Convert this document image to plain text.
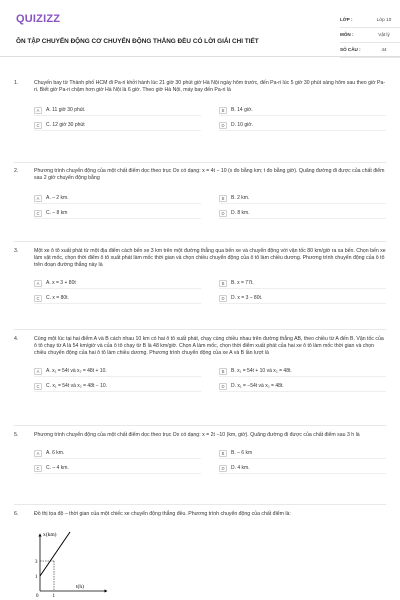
QUIZIZZ
ÔN TẬP CHUYỂN ĐỘNG CƠ CHUYỂN ĐỘNG THẲNG ĐỀU CÓ LỜI GIẢI CHI TIẾT
LỚP :	Lớp 10
MÔN :	Vật lý
SỐ CÂU :	44
1.	Chuyến bay từ Thành phố HCM đi Pa-ri khởi hành lúc 21 giờ 30 phút giờ Hà Nội ngày hôm trước, đến Pa-ri lúc 5 giờ 30 phút sáng hôm sau theo giờ Pa-ri. Biết giờ Pa-ri chậm hơn giờ Hà Nội là 6 giờ. Theo giờ Hà Nội, máy bay đến Pa-ri là
A	A. 11 giờ 30 phút.	B	B. 14 giờ.
C	C. 12 giờ 30 phút	D	D. 10 giờ.
2.	Phương trình chuyển động của một chất điểm dọc theo trục Ox có dạng: x = 4t − 10 (x đo bằng km; t đo bằng giờ). Quãng đường đi được của chất điểm sau 2 giờ chuyển động bằng
A	A. – 2 km.	B	B. 2 km.
C	C. – 8 km	D	D. 8 km.
3.	Một xe ô tô xuất phát từ một địa điểm cách bến xe 3 km trên một đường thẳng qua bến xe và chuyển động với vận tốc 80 km/giờ ra xa bến. Chọn bến xe làm vật mốc, chọn thời điểm ô tô xuất phát làm mốc thời gian và chọn chiều chuyển động của ô tô làm chiều dương. Phương trình chuyển động của ô tô trên đoạn đường thẳng này là
A	A. x = 3 + 80t	B	B. x = 77t.
C	C. x = 80t.	D	D. x = 3 – 80t.
4.	Cùng một lúc tại hai điểm A và B cách nhau 10 km có hai ô tô xuất phát, chạy cùng chiều nhau trên đường thẳng AB, theo chiều từ A đến B. Vận tốc của ô tô chạy từ A là 54 km/giờ và của ô tô chạy từ B là 48 km/giờ. Chọn A làm mốc, chọn thời điểm xuất phát của hai xe ô tô làm mốc thời gian và chọn chiều chuyển động của hai ô tô làm chiều dương. Phương trình chuyển động của xe A và B lần lượt là
A	A. x₁ = 54t và x₂ = 48t + 10.	B	B. x₁ = 54t + 10 và x₂ = 48t.
C	C. x₁ = 54t và x₂ = 48t − 10.	D	D. x₁ = −54t và x₂ = 48t.
5.	Phương trình chuyển động của một chất điểm dọc theo trục Ox có dạng: x = 2t −10 (km, giờ). Quãng đường đi được của chất điểm sau 3 h là
A	A. 6 km.	B	B. – 6 km
C	C. – 4 km.	D	D. 4 km.
6.	Đồ thị tọa độ – thời gian của một chiếc xe chuyển động thẳng đều. Phương trình chuyển động của chất điểm là:
x(km)
t(h)
3
1
1
0
